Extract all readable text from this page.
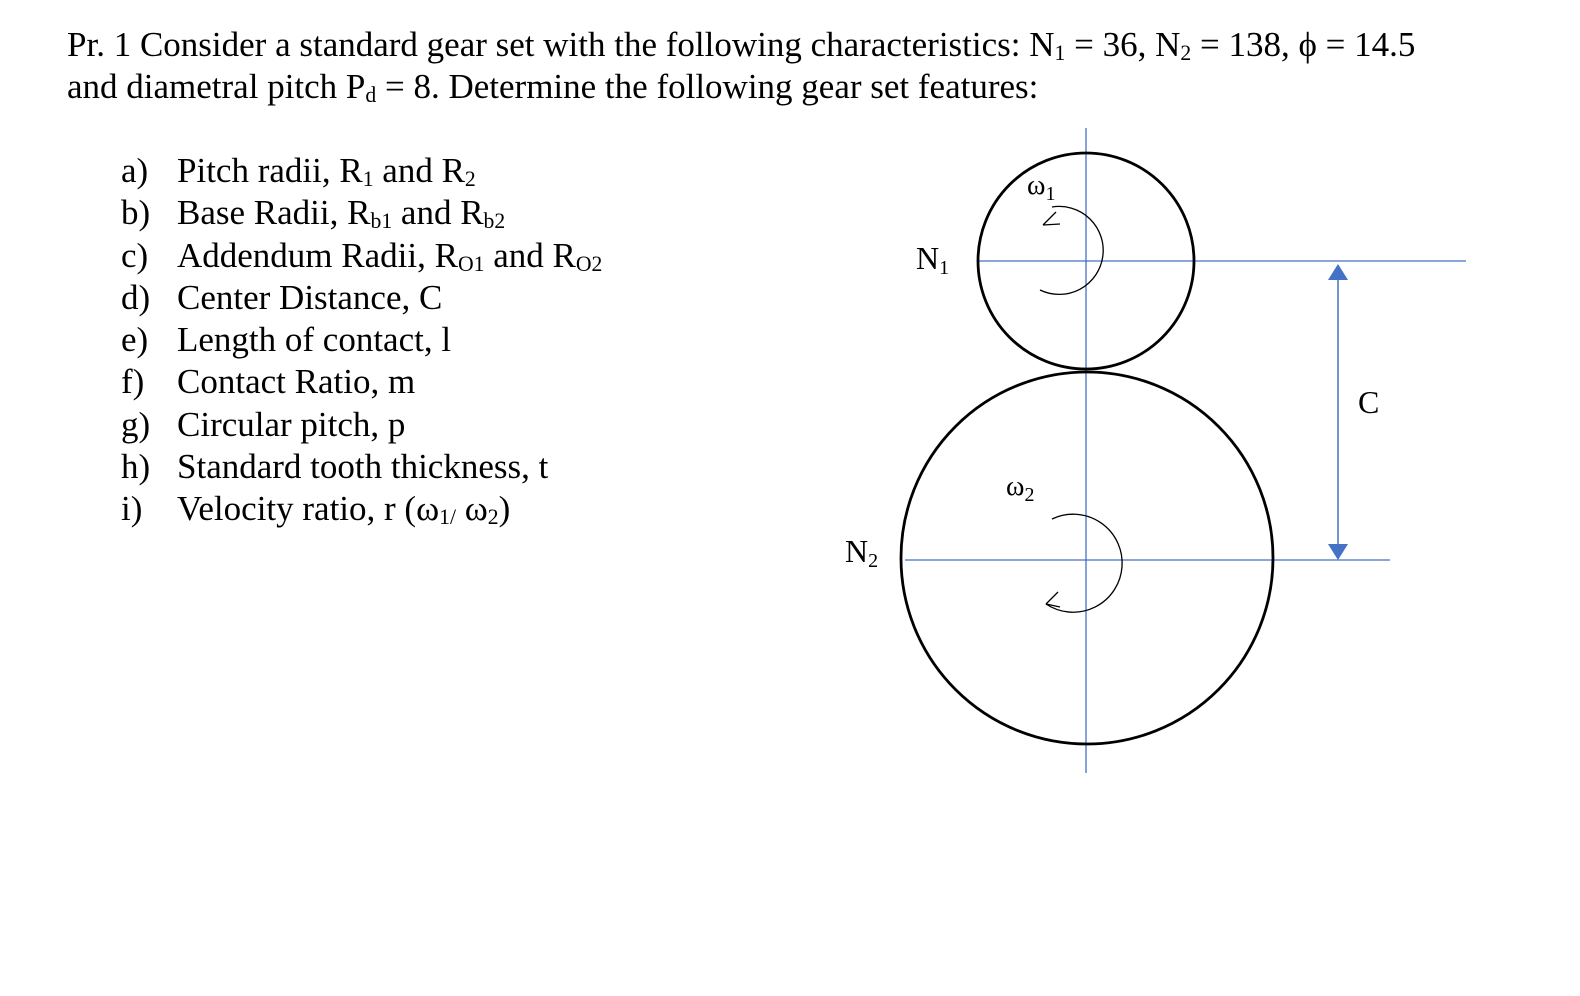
Pr. 1 Consider a standard gear set with the following characteristics: $N_1 = 36$, $N_2 = 138$, ϕ = 14.5
and diametral pitch $P_d = 8$. Determine the following gear set features:
a) Pitch radii, $R_1$ and $R_2$
b) Base Radii, $R_{b1}$ and $R_{b2}$
c) Addendum Radii, $R_{O1}$ and $R_{O2}$
d) Center Distance, C
e) Length of contact, l
f) Contact Ratio, m
g) Circular pitch, p
h) Standard tooth thickness, t
i) Velocity ratio, r ($\omega_{1/}$ $\omega_2$)
N1
N2
$\omega_1$
$\omega_2$
C
